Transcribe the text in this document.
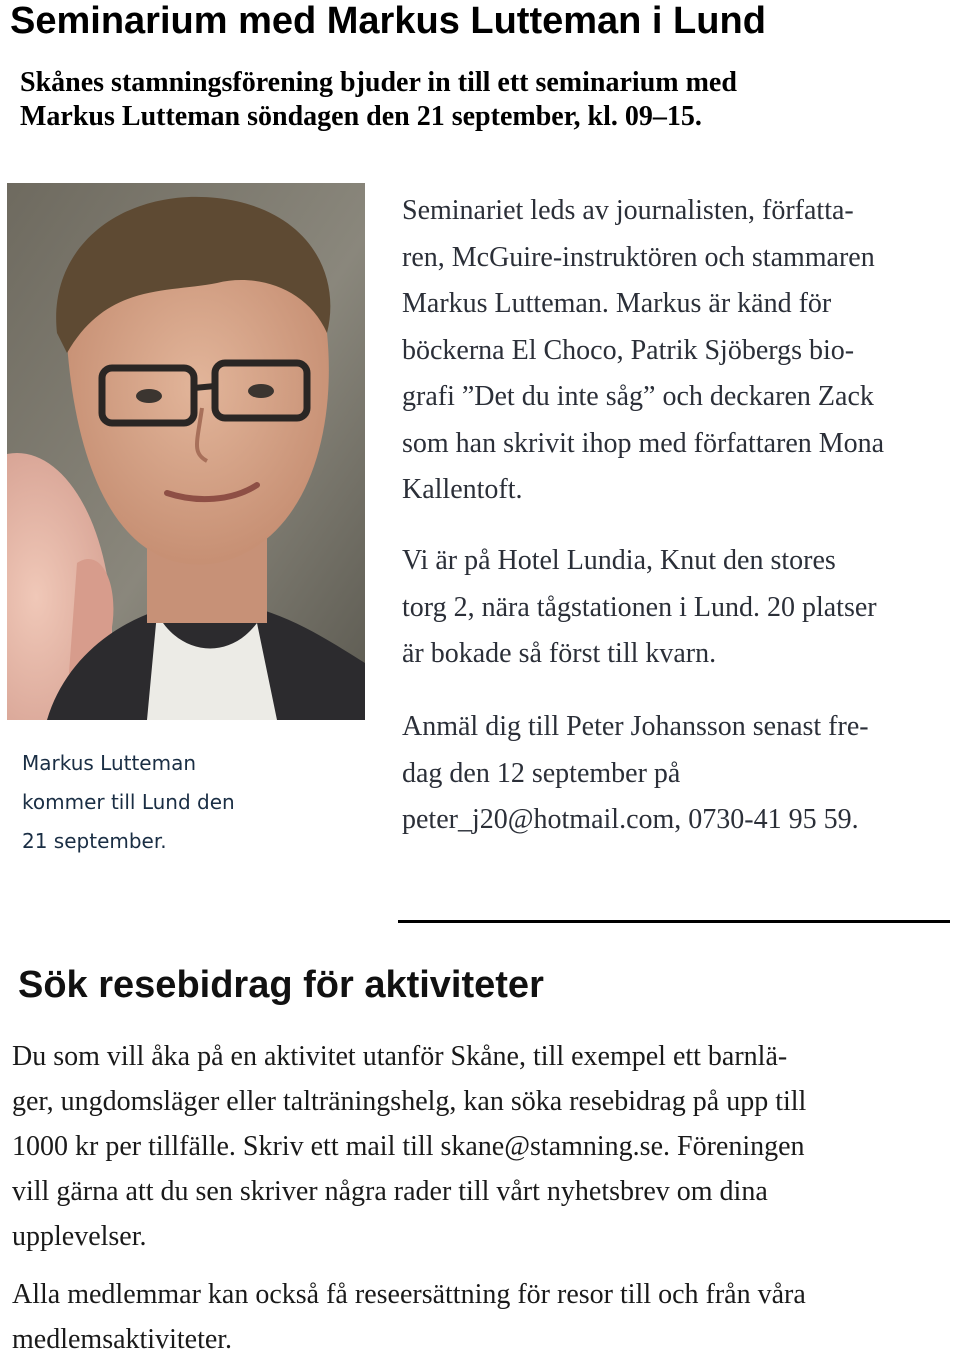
Seminarium med Markus Lutteman i Lund
Skånes stamningsförening bjuder in till ett seminarium med
Markus Lutteman söndagen den 21 september, kl. 09–15.
Markus Lutteman
kommer till Lund den
21 september.
Seminariet leds av journalisten, författa-
ren, McGuire-instruktören och stammaren
Markus Lutteman. Markus är känd för
böckerna El Choco, Patrik Sjöbergs bio-
grafi ”Det du inte såg” och deckaren Zack
som han skrivit ihop med författaren Mona
Kallentoft.
Vi är på Hotel Lundia, Knut den stores
torg 2, nära tågstationen i Lund. 20 platser
är bokade så först till kvarn.
Anmäl dig till Peter Johansson senast fre-
dag den 12 september på
peter_j20@hotmail.com, 0730-41 95 59.
Sök resebidrag för aktiviteter
Du som vill åka på en aktivitet utanför Skåne, till exempel ett barnlä-
ger, ungdomsläger eller talträningshelg, kan söka resebidrag på upp till
1000 kr per tillfälle. Skriv ett mail till skane@stamning.se. Föreningen
vill gärna att du sen skriver några rader till vårt nyhetsbrev om dina
upplevelser.
Alla medlemmar kan också få reseersättning för resor till och från våra
medlemsaktiviteter.
